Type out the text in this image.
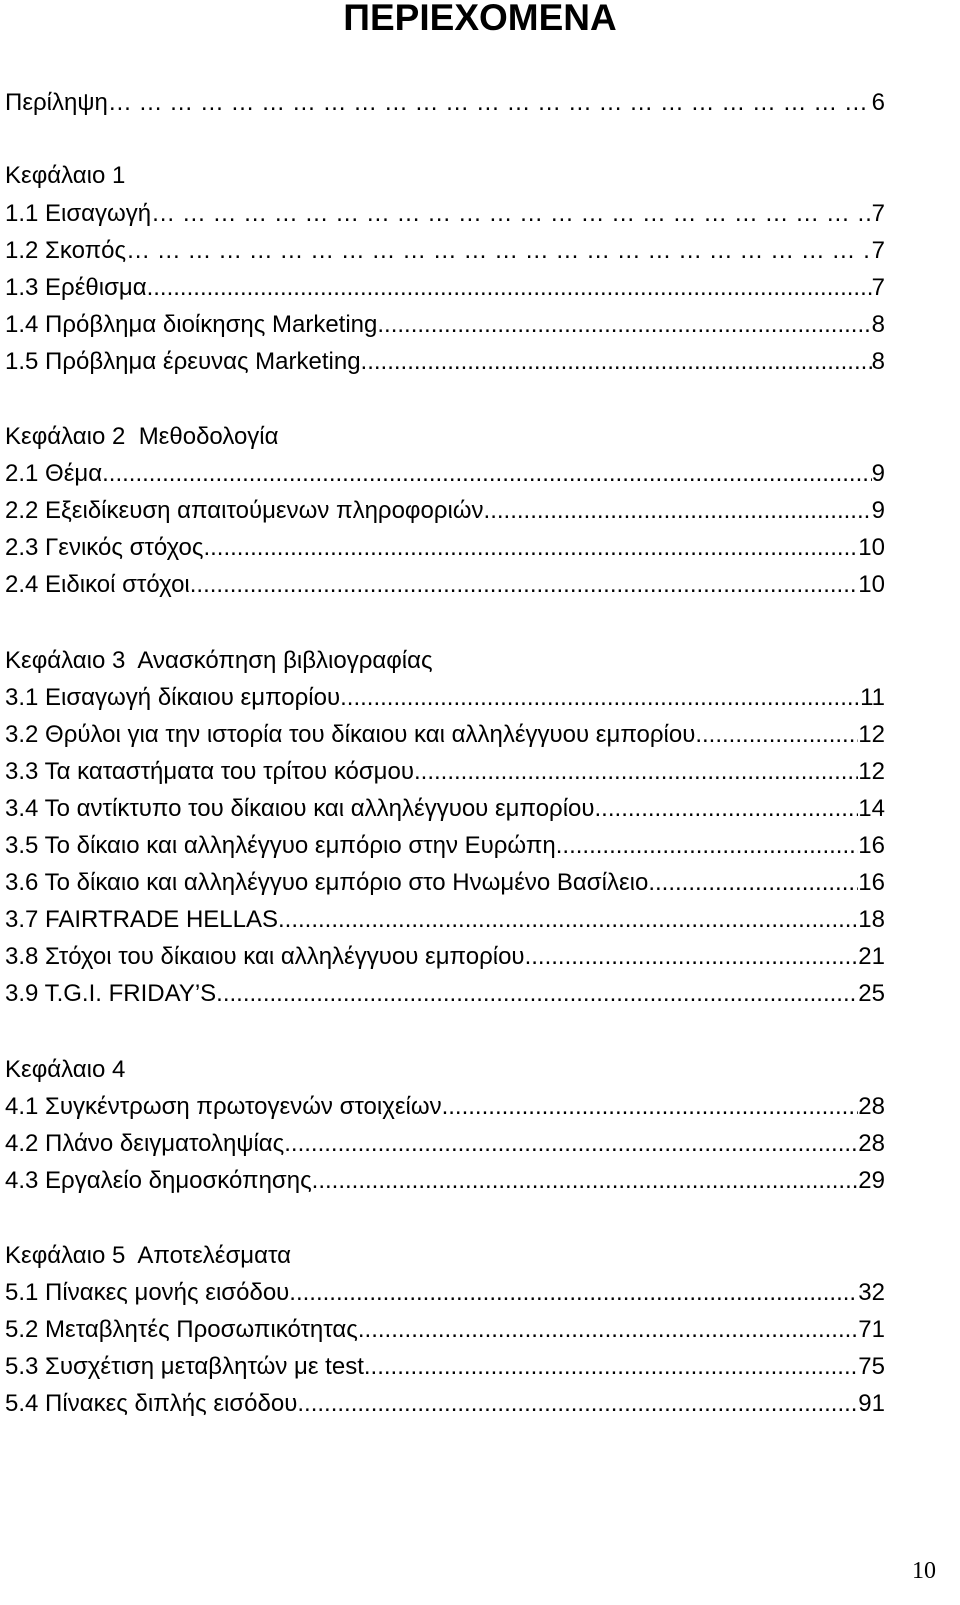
ΠΕΡΙΕΧΟΜΕΝΑ
Περίληψη … … … … … … … … … … … … … … … … … … … … … … … … … … … … … … … … … … … … … … … … … … … … … … … … … … … … … … … … …	6
Κεφάλαιο 1
1.1 Εισαγωγή … … … … … … … … … … … … … … … … … … … … … … … … … … … … … … … … … … … … … … … … … … … … … … … … … … … … … … … … …	7
1.2 Σκοπός … … … … … … … … … … … … … … … … … … … … … … … … … … … … … … … … … … … … … … … … … … … … … … … … … … … … … … … … …	7
1.3 Ερέθισμα .....	7
1.4 Πρόβλημα διοίκησης Marketing .....	8
1.5 Πρόβλημα έρευνας Marketing .....	8
Κεφάλαιο 2  Μεθοδολογία
2.1 Θέμα .....	9
2.2 Εξειδίκευση απαιτούμενων πληροφοριών .....	9
2.3 Γενικός στόχος .....	10
2.4 Ειδικοί στόχοι .....	10
Κεφάλαιο 3  Ανασκόπηση βιβλιογραφίας
3.1 Εισαγωγή δίκαιου εμπορίου .....	11
3.2 Θρύλοι για την ιστορία του δίκαιου και αλληλέγγυου εμπορίου .....	12
3.3 Τα καταστήματα του τρίτου κόσμου .....	12
3.4 Το αντίκτυπο του δίκαιου και αλληλέγγυου εμπορίου .....	14
3.5 Το δίκαιο και αλληλέγγυο εμπόριο στην Ευρώπη .....	16
3.6 Το δίκαιο και αλληλέγγυο εμπόριο στο Ηνωμένο Βασίλειο .....	16
3.7 FAIRTRADE HELLAS .....	18
3.8 Στόχοι του δίκαιου και αλληλέγγυου εμπορίου .....	21
3.9 T.G.I. FRIDAY’S .....	25
Κεφάλαιο 4
4.1 Συγκέντρωση πρωτογενών στοιχείων .....	28
4.2 Πλάνο δειγματοληψίας .....	28
4.3 Εργαλείο δημοσκόπησης .....	29
Κεφάλαιο 5  Αποτελέσματα
5.1 Πίνακες μονής εισόδου .....	32
5.2 Μεταβλητές Προσωπικότητας .....	71
5.3 Συσχέτιση μεταβλητών με test .....	75
5.4 Πίνακες διπλής εισόδου .....	91
10
